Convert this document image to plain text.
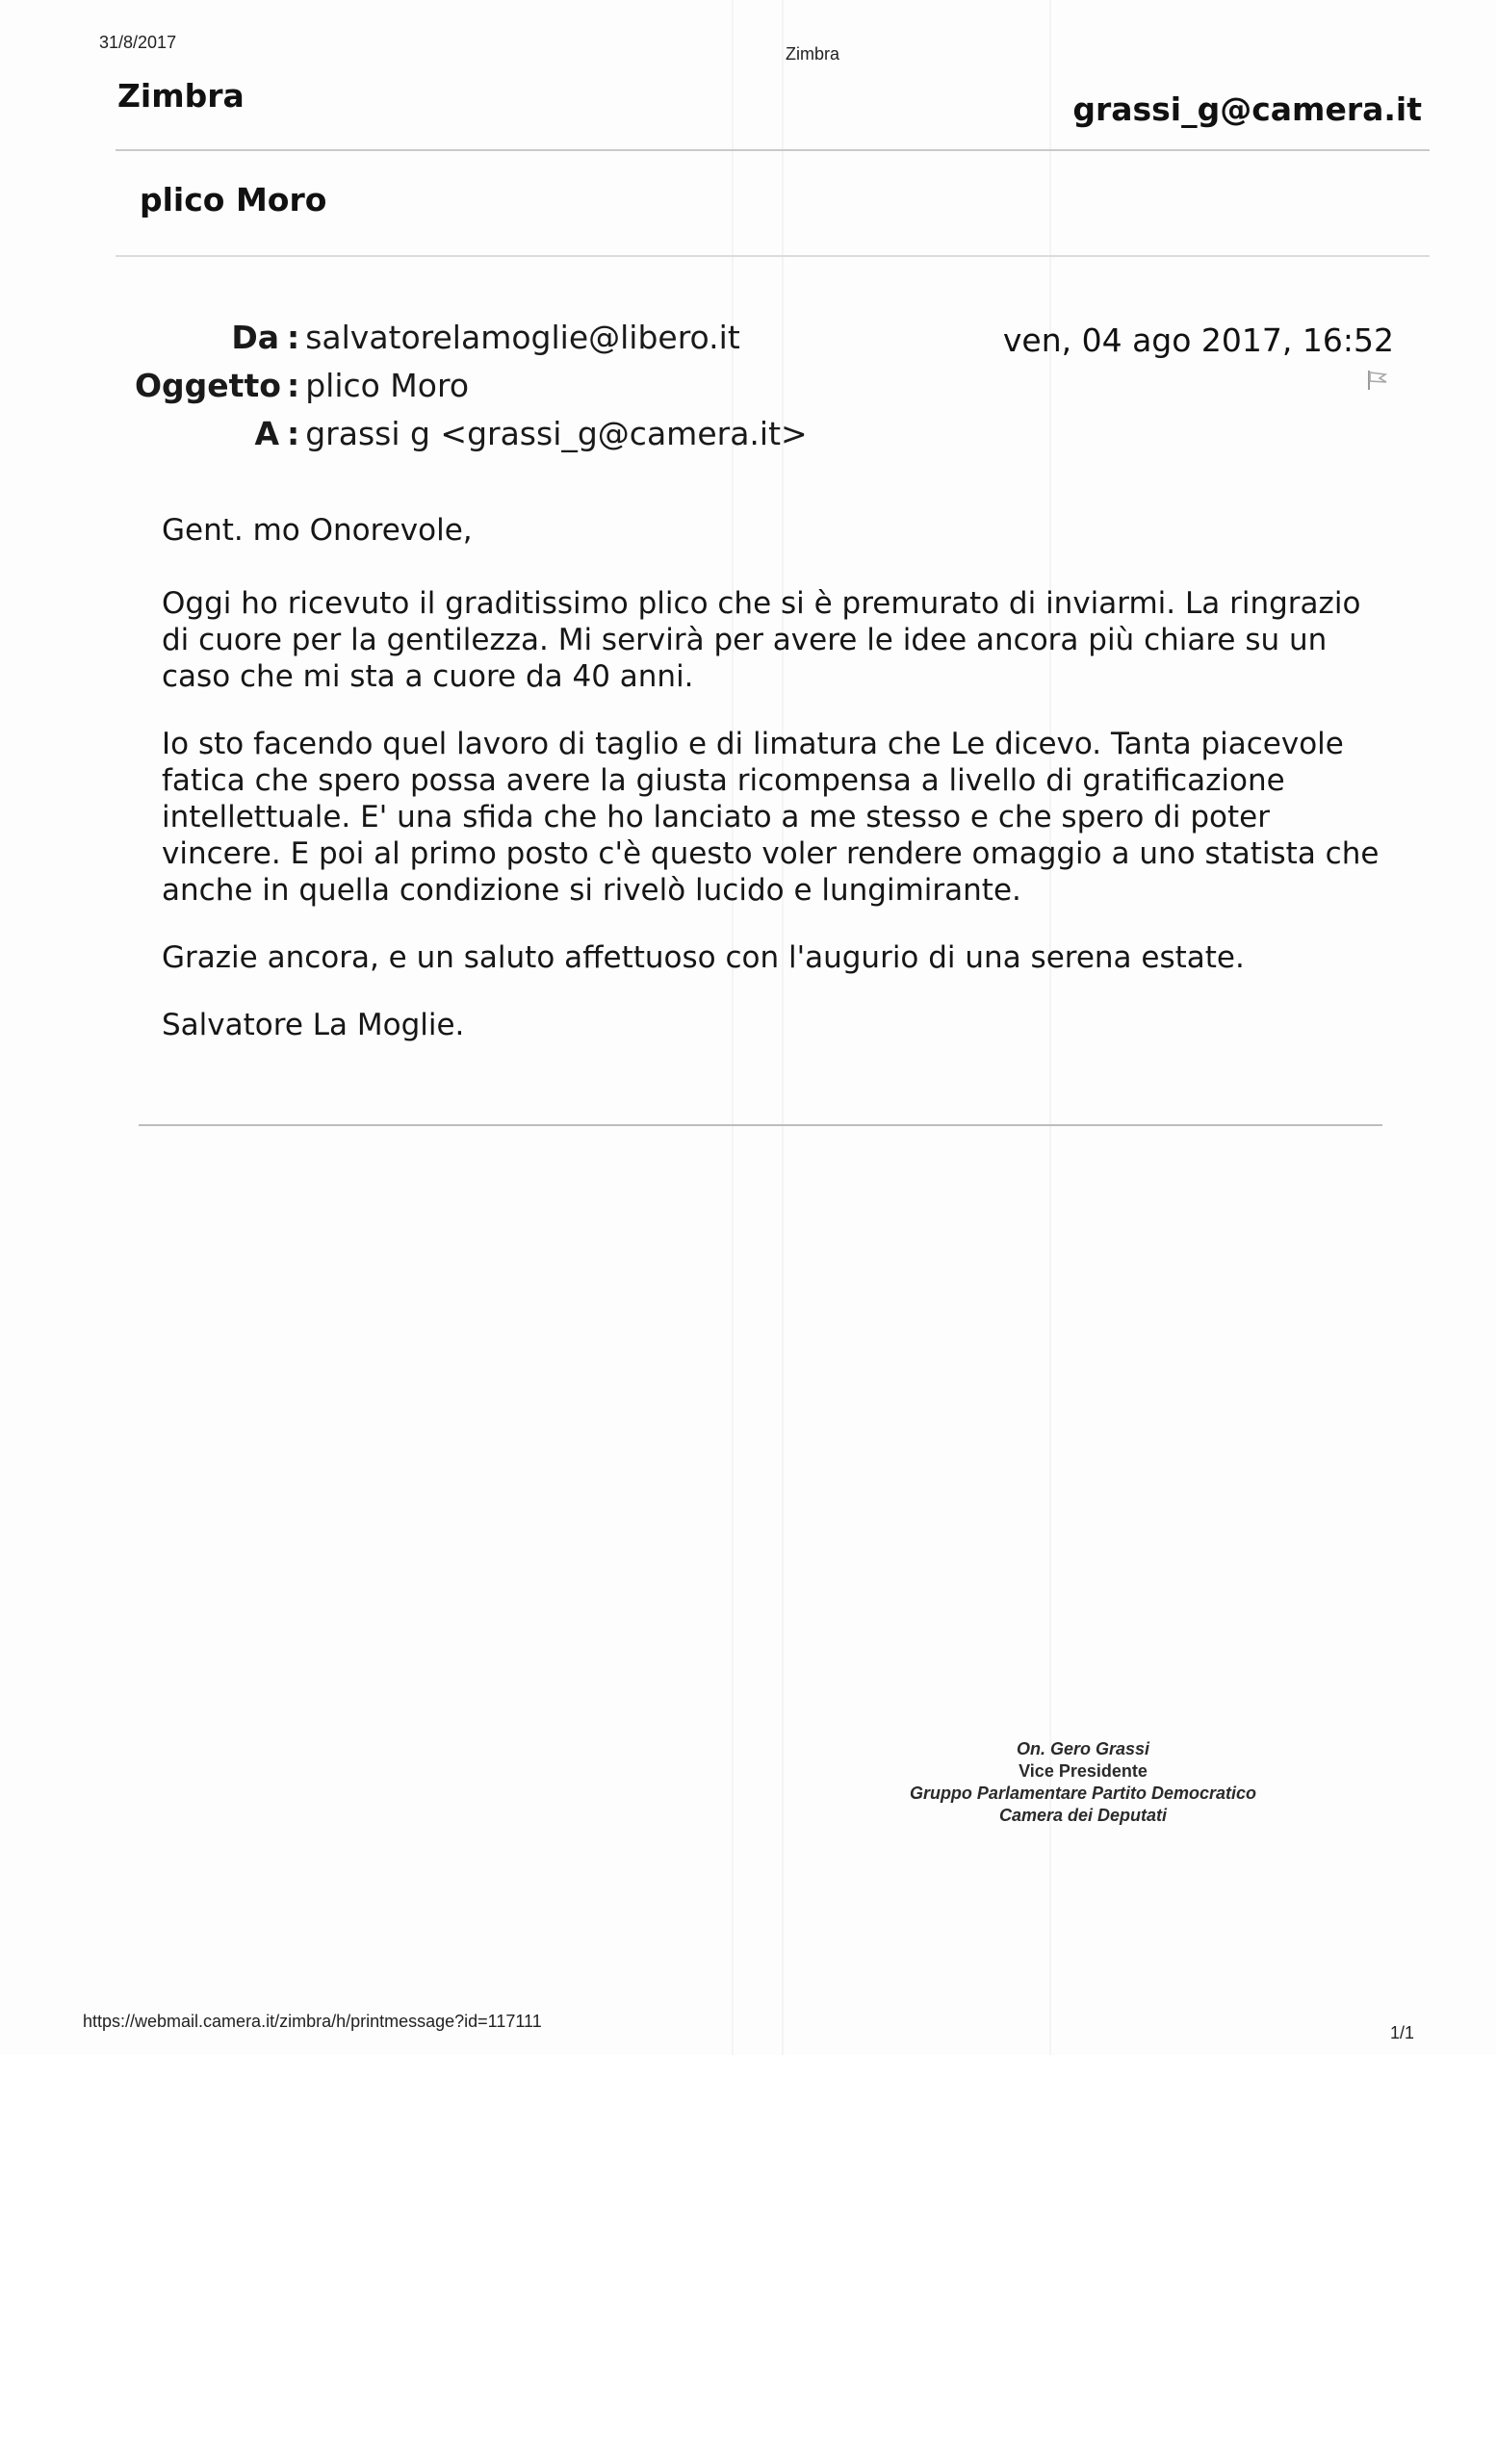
31/8/2017
Zimbra
Zimbra	grassi_g@camera.it
plico Moro
Da : salvatorelamoglie@libero.it
Oggetto : plico Moro
A : grassi g <grassi_g@camera.it>
ven, 04 ago 2017, 16:52

Gent. mo Onorevole,

Oggi ho ricevuto il graditissimo plico che si è premurato di inviarmi. La ringrazio di cuore per la gentilezza. Mi servirà per avere le idee ancora più chiare su un caso che mi sta a cuore da 40 anni.

Io sto facendo quel lavoro di taglio e di limatura che Le dicevo. Tanta piacevole fatica che spero possa avere la giusta ricompensa a livello di gratificazione intellettuale. E' una sfida che ho lanciato a me stesso e che spero di poter vincere. E poi al primo posto c'è questo voler rendere omaggio a uno statista che anche in quella condizione si rivelò lucido e lungimirante.

Grazie ancora, e un saluto affettuoso con l'augurio di una serena estate.

Salvatore La Moglie.

On. Gero Grassi
Vice Presidente
Gruppo Parlamentare Partito Democratico
Camera dei Deputati
https://webmail.camera.it/zimbra/h/printmessage?id=117111
1/1
